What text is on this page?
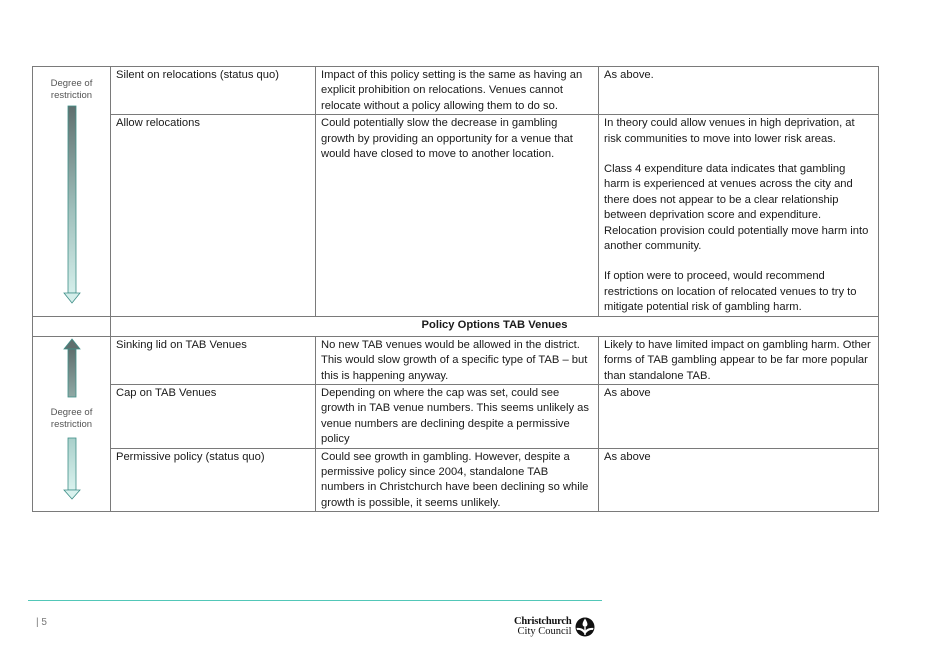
Degree of restriction	Silent on relocations (status quo)	Impact of this policy setting is the same as having an explicit prohibition on relocations. Venues cannot relocate without a policy allowing them to do so.	As above.

	Allow relocations	Could potentially slow the decrease in gambling growth by providing an opportunity for a venue that would have closed to move to another location.	In theory could allow venues in high deprivation, at risk communities to move into lower risk areas.
Class 4 expenditure data indicates that gambling harm is experienced at venues across the city and there does not appear to be a clear relationship between deprivation score and expenditure. Relocation provision could potentially move harm into another community.
If option were to proceed, would recommend restrictions on location of relocated venues to try to mitigate potential risk of gambling harm.

	Policy Options TAB Venues		

Degree of restriction	Sinking lid on TAB Venues	No new TAB venues would be allowed in the district. This would slow growth of a specific type of TAB – but this is happening anyway.	Likely to have limited impact on gambling harm. Other forms of TAB gambling appear to be far more popular than standalone TAB.

	Cap on TAB Venues	Depending on where the cap was set, could see growth in TAB venue numbers. This seems unlikely as venue numbers are declining despite a permissive policy	As above

	Permissive policy (status quo)	Could see growth in gambling. However, despite a permissive policy since 2004, standalone TAB numbers in Christchurch have been declining so while growth is possible, it seems unlikely.	As above
| 5	Christchurch
City Council
